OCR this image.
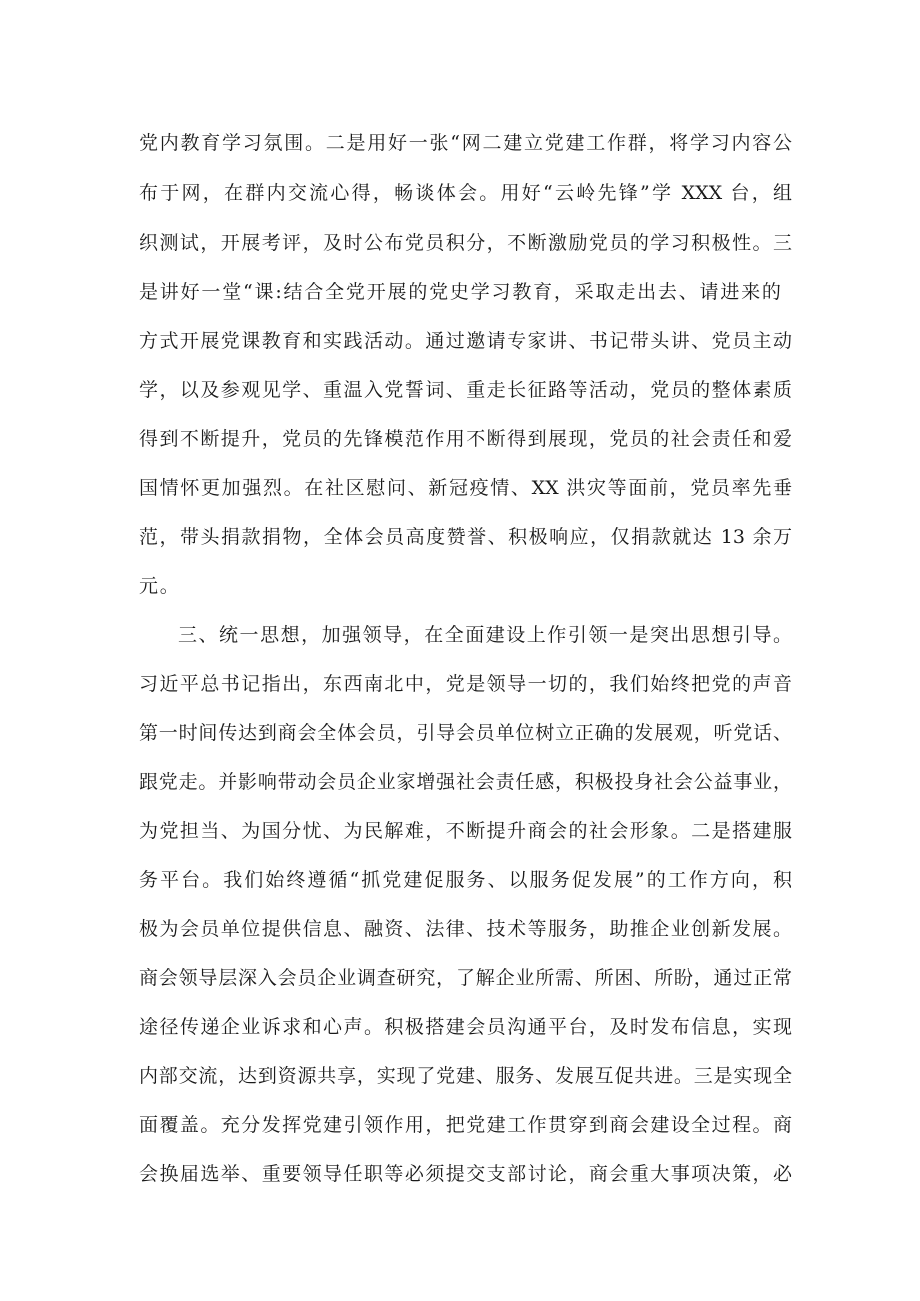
党内教育学习氛围。二是用好一张“网二建立党建工作群，将学习内容公
布于网，在群内交流心得，畅谈体会。用好“云岭先锋”学 XXX 台，组
织测试，开展考评，及时公布党员积分，不断激励党员的学习积极性。三
是讲好一堂“课:结合全党开展的党史学习教育，采取走出去、请进来的
方式开展党课教育和实践活动。通过邀请专家讲、书记带头讲、党员主动
学，以及参观见学、重温入党誓词、重走长征路等活动，党员的整体素质
得到不断提升，党员的先锋模范作用不断得到展现，党员的社会责任和爱
国情怀更加强烈。在社区慰问、新冠疫情、XX 洪灾等面前，党员率先垂
范，带头捐款捐物，全体会员高度赞誉、积极响应，仅捐款就达 13 余万
元。
三、统一思想，加强领导，在全面建设上作引领一是突出思想引导。
习近平总书记指出，东西南北中，党是领导一切的，我们始终把党的声音
第一时间传达到商会全体会员，引导会员单位树立正确的发展观，听党话、
跟党走。并影响带动会员企业家增强社会责任感，积极投身社会公益事业，
为党担当、为国分忧、为民解难，不断提升商会的社会形象。二是搭建服
务平台。我们始终遵循“抓党建促服务、以服务促发展”的工作方向，积
极为会员单位提供信息、融资、法律、技术等服务，助推企业创新发展。
商会领导层深入会员企业调查研究，了解企业所需、所困、所盼，通过正常
途径传递企业诉求和心声。积极搭建会员沟通平台，及时发布信息，实现
内部交流，达到资源共享，实现了党建、服务、发展互促共进。三是实现全
面覆盖。充分发挥党建引领作用，把党建工作贯穿到商会建设全过程。商
会换届选举、重要领导任职等必须提交支部讨论，商会重大事项决策，必
